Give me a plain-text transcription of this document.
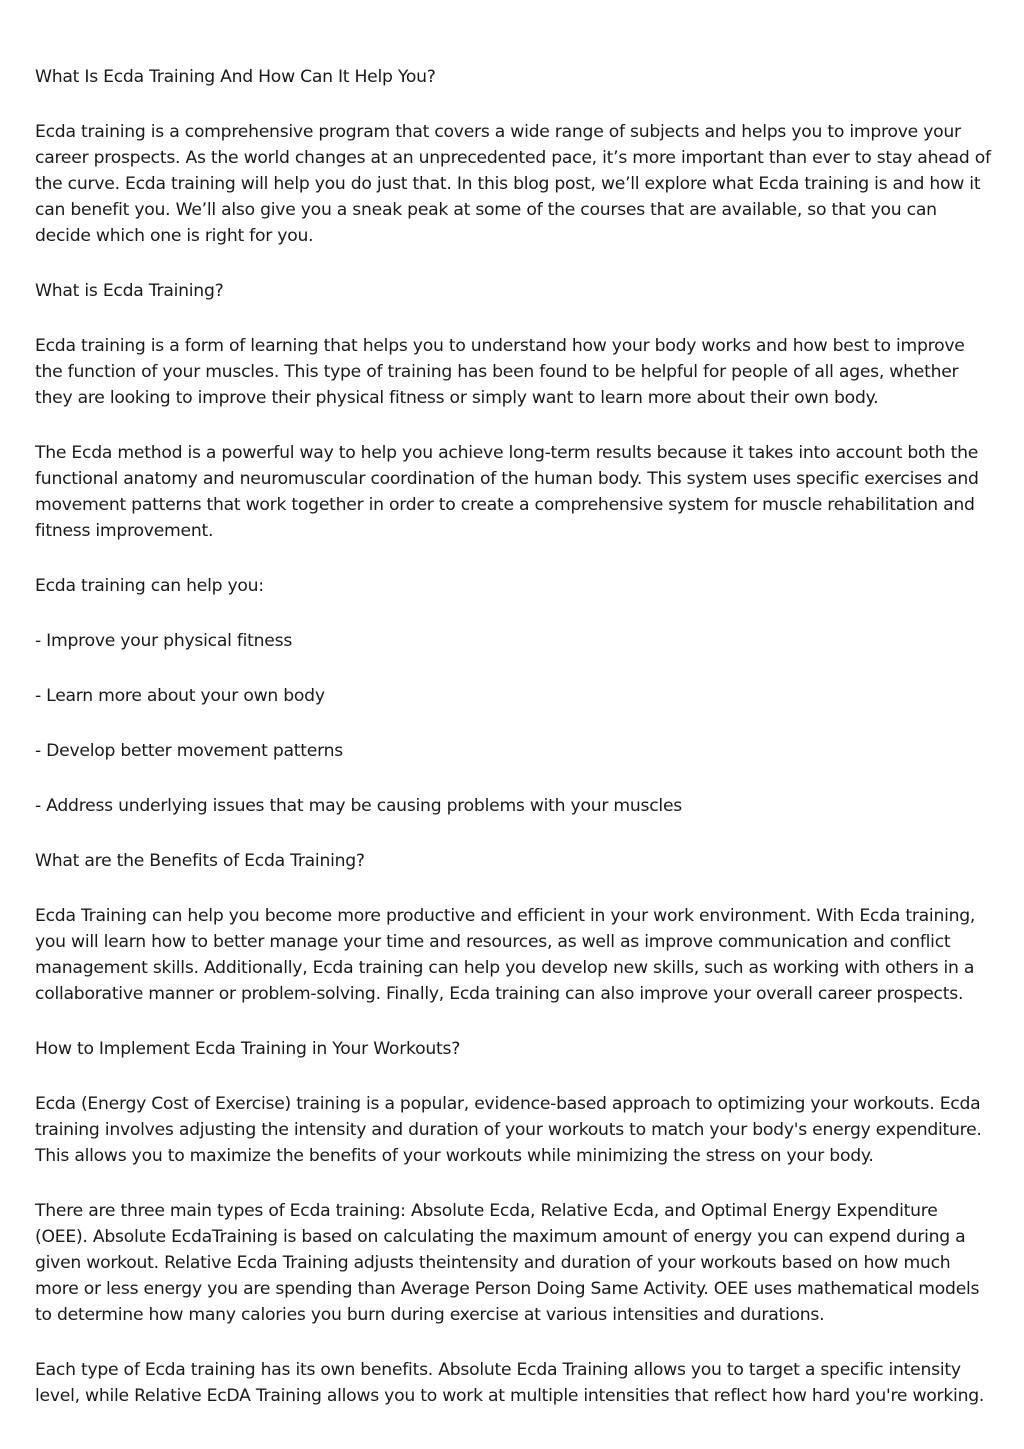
What Is Ecda Training And How Can It Help You?

Ecda training is a comprehensive program that covers a wide range of subjects and helps you to improve your career prospects. As the world changes at an unprecedented pace, it’s more important than ever to stay ahead of the curve. Ecda training will help you do just that. In this blog post, we’ll explore what Ecda training is and how it can benefit you. We’ll also give you a sneak peak at some of the courses that are available, so that you can decide which one is right for you.

What is Ecda Training?

Ecda training is a form of learning that helps you to understand how your body works and how best to improve the function of your muscles. This type of training has been found to be helpful for people of all ages, whether they are looking to improve their physical fitness or simply want to learn more about their own body.

The Ecda method is a powerful way to help you achieve long-term results because it takes into account both the functional anatomy and neuromuscular coordination of the human body. This system uses specific exercises and movement patterns that work together in order to create a comprehensive system for muscle rehabilitation and fitness improvement.

Ecda training can help you:

- Improve your physical fitness

- Learn more about your own body

- Develop better movement patterns

- Address underlying issues that may be causing problems with your muscles

What are the Benefits of Ecda Training?

Ecda Training can help you become more productive and efficient in your work environment. With Ecda training, you will learn how to better manage your time and resources, as well as improve communication and conflict management skills. Additionally, Ecda training can help you develop new skills, such as working with others in a collaborative manner or problem-solving. Finally, Ecda training can also improve your overall career prospects.

How to Implement Ecda Training in Your Workouts?

Ecda (Energy Cost of Exercise) training is a popular, evidence-based approach to optimizing your workouts. Ecda training involves adjusting the intensity and duration of your workouts to match your body's energy expenditure. This allows you to maximize the benefits of your workouts while minimizing the stress on your body.

There are three main types of Ecda training: Absolute Ecda, Relative Ecda, and Optimal Energy Expenditure (OEE). Absolute EcdaTraining is based on calculating the maximum amount of energy you can expend during a given workout. Relative Ecda Training adjusts theintensity and duration of your workouts based on how much more or less energy you are spending than Average Person Doing Same Activity. OEE uses mathematical models to determine how many calories you burn during exercise at various intensities and durations.

Each type of Ecda training has its own benefits. Absolute Ecda Training allows you to target a specific intensity level, while Relative EcDA Training allows you to work at multiple intensities that reflect how hard you're working.
